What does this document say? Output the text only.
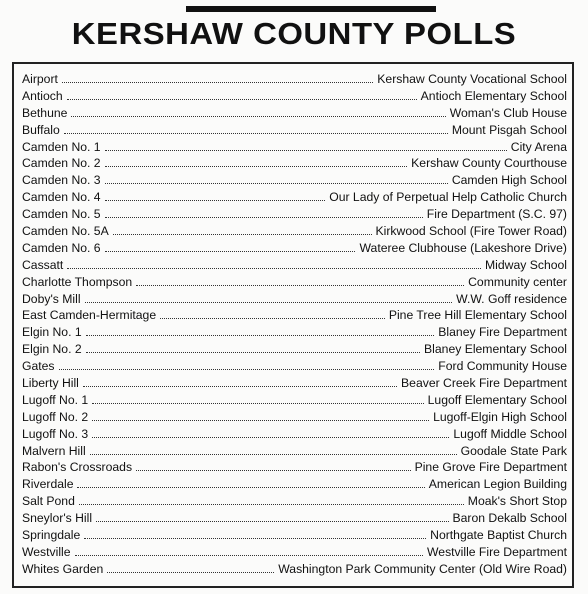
KERSHAW COUNTY POLLS
Airport	Kershaw County Vocational School
Antioch	Antioch Elementary School
Bethune	Woman's Club House
Buffalo	Mount Pisgah School
Camden No. 1	City Arena
Camden No. 2	Kershaw County Courthouse
Camden No. 3	Camden High School
Camden No. 4	Our Lady of Perpetual Help Catholic Church
Camden No. 5	Fire Department (S.C. 97)
Camden No. 5A	Kirkwood School (Fire Tower Road)
Camden No. 6	Wateree Clubhouse (Lakeshore Drive)
Cassatt	Midway School
Charlotte Thompson	Community center
Doby's Mill	W.W. Goff residence
East Camden-Hermitage	Pine Tree Hill Elementary School
Elgin No. 1	Blaney Fire Department
Elgin No. 2	Blaney Elementary School
Gates	Ford Community House
Liberty Hill	Beaver Creek Fire Department
Lugoff No. 1	Lugoff Elementary School
Lugoff No. 2	Lugoff-Elgin High School
Lugoff No. 3	Lugoff Middle School
Malvern Hill	Goodale State Park
Rabon's Crossroads	Pine Grove Fire Department
Riverdale	American Legion Building
Salt Pond	Moak's Short Stop
Sneylor's Hill	Baron Dekalb School
Springdale	Northgate Baptist Church
Westville	Westville Fire Department
Whites Garden	Washington Park Community Center (Old Wire Road)
